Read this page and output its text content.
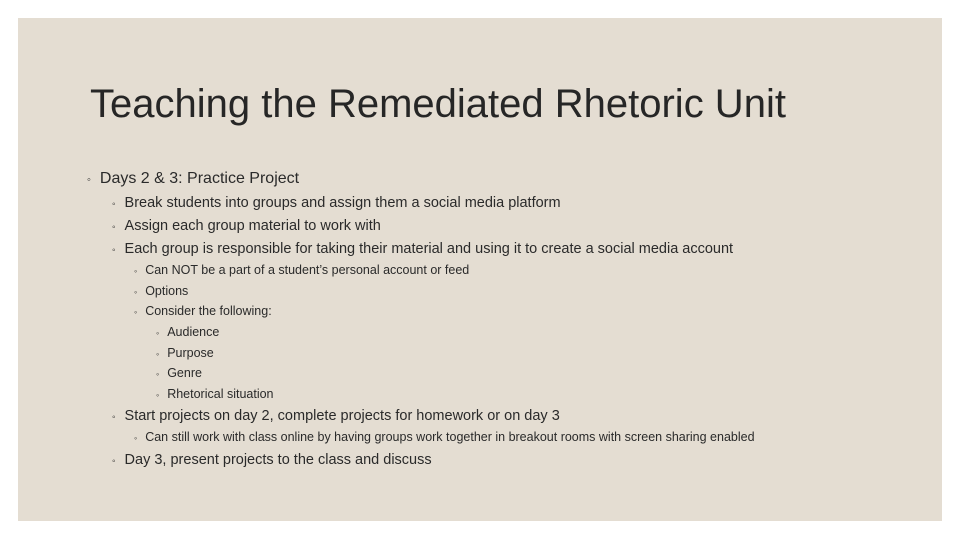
Teaching the Remediated Rhetoric Unit
◦ Days 2 & 3: Practice Project
◦ Break students into groups and assign them a social media platform
◦ Assign each group material to work with
◦ Each group is responsible for taking their material and using it to create a social media account
◦ Can NOT be a part of a student’s personal account or feed
◦ Options
◦ Consider the following:
◦ Audience
◦ Purpose
◦ Genre
◦ Rhetorical situation
◦ Start projects on day 2, complete projects for homework or on day 3
◦ Can still work with class online by having groups work together in breakout rooms with screen sharing enabled
◦ Day 3, present projects to the class and discuss
